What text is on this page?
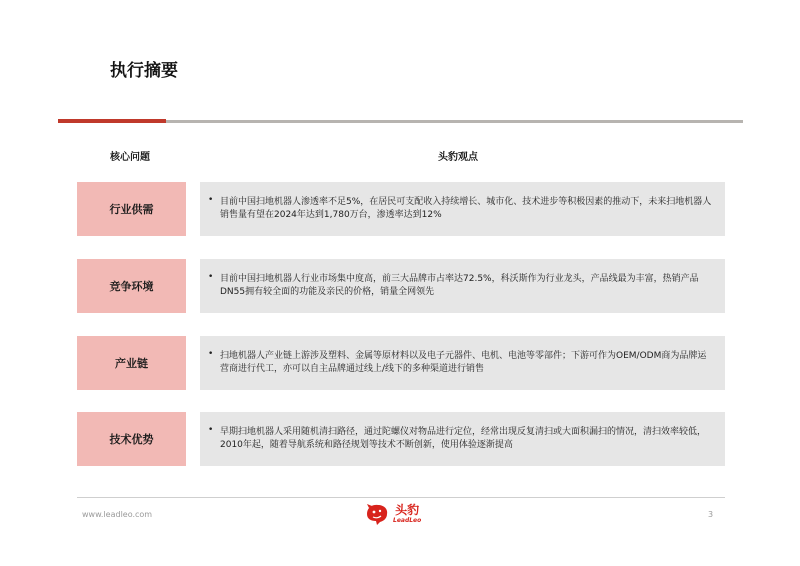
执行摘要
核心问题	头豹观点
行业供需
• 目前中国扫地机器人渗透率不足5%，在居民可支配收入持续增长、城市化、技术进步等积极因素的推动下，未来扫地机器人销售量有望在2024年达到1,780万台，渗透率达到12%
竞争环境
• 目前中国扫地机器人行业市场集中度高，前三大品牌市占率达72.5%，科沃斯作为行业龙头，产品线最为丰富，热销产品DN55拥有较全面的功能及亲民的价格，销量全网领先
产业链
• 扫地机器人产业链上游涉及塑料、金属等原材料以及电子元器件、电机、电池等零部件；下游可作为OEM/ODM商为品牌运营商进行代工，亦可以自主品牌通过线上/线下的多种渠道进行销售
技术优势
• 早期扫地机器人采用随机清扫路径，通过陀螺仪对物品进行定位，经常出现反复清扫或大面积漏扫的情况，清扫效率较低，2010年起，随着导航系统和路径规划等技术不断创新，使用体验逐渐提高
www.leadleo.com	头豹
LeadLeo
3
